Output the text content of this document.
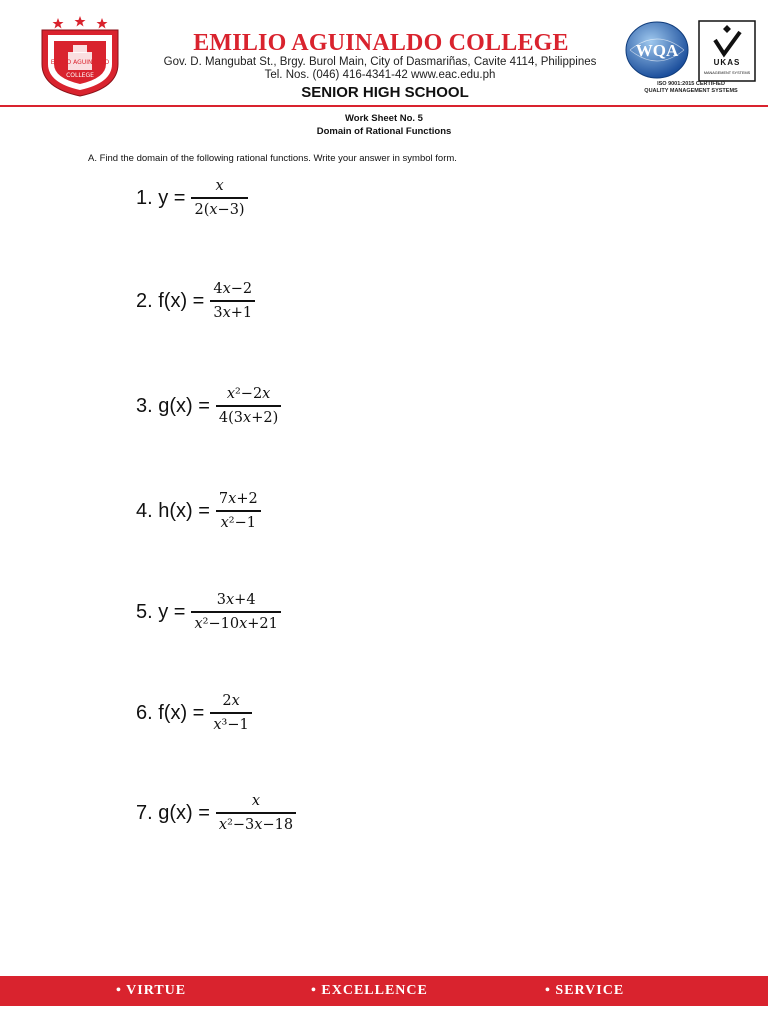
EMILIO AGUINALDO
COLLEGE
EMILIO AGUINALDO COLLEGE
Gov. D. Mangubat St., Brgy. Burol Main, City of Dasmariñas, Cavite 4114, Philippines
Tel. Nos. (046) 416-4341-42 www.eac.edu.ph
SENIOR HIGH SCHOOL
WQA
UKAS
MANAGEMENT SYSTEMS
ISO 9001:2015 CERTIFIED
QUALITY MANAGEMENT SYSTEMS
Work Sheet No. 5
Domain of Rational Functions
A. Find the domain of the following rational functions. Write your answer in symbol form.
1. $y = \frac{\text{𝑥}}{\text{2(𝑥−3)}}$
2. $f(x) = \frac{\text{4𝑥−2}}{\text{3𝑥+1}}$
3. $g(x) = \frac{\text{𝑥²−2𝑥}}{\text{4(3𝑥+2)}}$
4. $h(x) = \frac{\text{7𝑥+2}}{\text{𝑥²−1}}$
5. $y = \frac{\text{3𝑥+4}}{\text{𝑥²−10𝑥+21}}$
6. $f(x) = \frac{\text{2𝑥}}{\text{𝑥³−1}}$
7. $g(x) = \frac{\text{𝑥}}{\text{𝑥²−3𝑥−18}}$
• VIRTUE	• EXCELLENCE	• SERVICE
